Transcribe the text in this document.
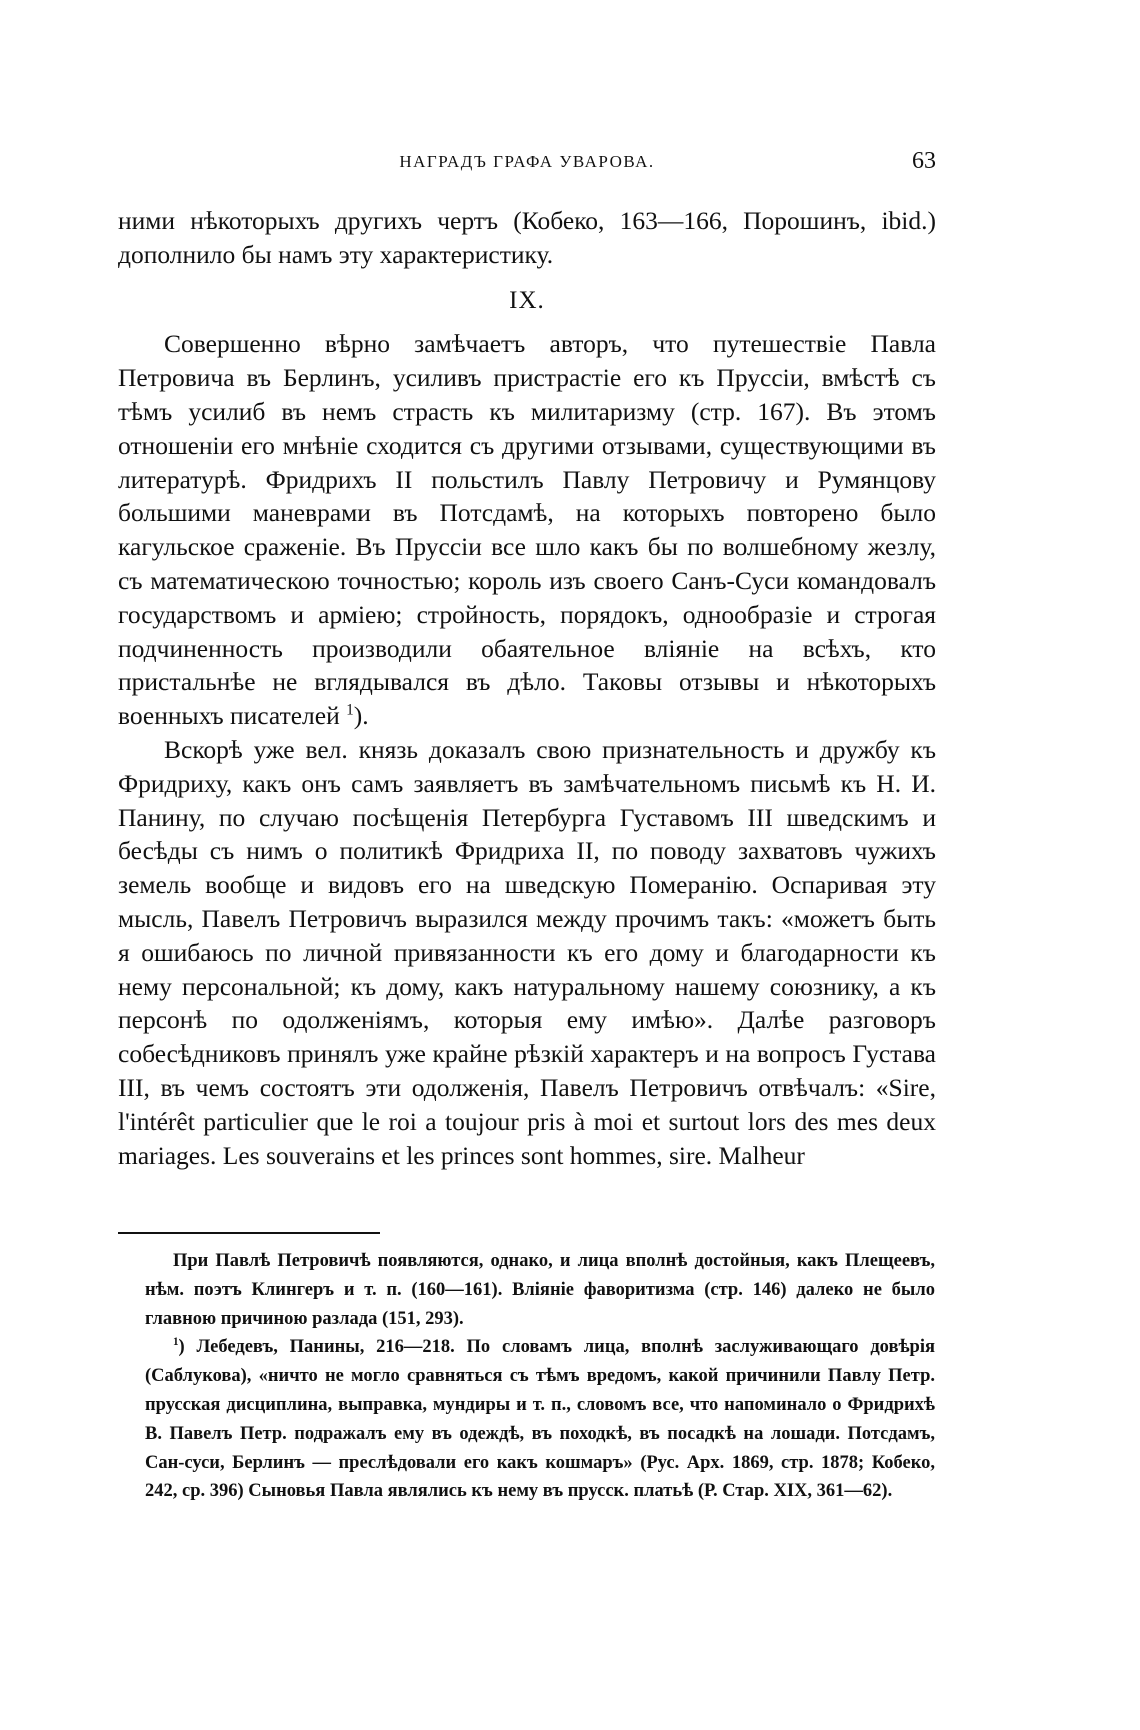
НАГРАДЪ ГРАФА УВАРОВА.	63

ними нѣкоторыхъ другихъ чертъ (Кобеко, 163—166, Порошинъ, ibid.) дополнило бы намъ эту характеристику.

IX.

Совершенно вѣрно замѣчаетъ авторъ, что путешествіе Павла Петровича въ Берлинъ, усиливъ пристрастіе его къ Пруссіи, вмѣстѣ съ тѣмъ усилиб въ немъ страсть къ милитаризму (стр. 167). Въ этомъ отношеніи его мнѣніе сходится съ другими отзывами, существующими въ литературѣ. Фридрихъ II польстилъ Павлу Петровичу и Румянцову большими маневрами въ Потсдамѣ, на которыхъ повторено было кагульское сраженіе. Въ Пруссіи все шло какъ бы по волшебному жезлу, съ математическою точностью; король изъ своего Санъ-Суси командовалъ государствомъ и арміею; стройность, порядокъ, однообразіе и строгая подчиненность производили обаятельное вліяніе на всѣхъ, кто пристальнѣе не вглядывался въ дѣло. Таковы отзывы и нѣкоторыхъ военныхъ писателей $^1$).

Вскорѣ уже вел. князь доказалъ свою признательность и дружбу къ Фридриху, какъ онъ самъ заявляетъ въ замѣчательномъ письмѣ къ Н. И. Панину, по случаю посѣщенія Петербурга Густавомъ III шведскимъ и бесѣды съ нимъ о политикѣ Фридриха II, по поводу захватовъ чужихъ земель вообще и видовъ его на шведскую Померанію. Оспаривая эту мысль, Павелъ Петровичъ выразился между прочимъ такъ: «можетъ быть я ошибаюсь по личной привязанности къ его дому и благодарности къ нему персональной; къ дому, какъ натуральному нашему союзнику, а къ персонѣ по одолженіямъ, которыя ему имѣю». Далѣе разговоръ собесѣдниковъ принялъ уже крайне рѣзкій характеръ и на вопросъ Густава III, въ чемъ состоятъ эти одолженія, Павелъ Петровичъ отвѣчалъ: «Sire, l'intérêt particulier que le roi a toujour pris à moi et surtout lors des mes deux mariages. Les souverains et les princes sont hommes, sire. Malheur

При Павлѣ Петровичѣ появляются, однако, и лица вполнѣ достойныя, какъ Плещеевъ, нѣм. поэтъ Клингеръ и т. п. (160—161). Вліяніе фаворитизма (стр. 146) далеко не было главною причиною разлада (151, 293).

$^1$) Лебедевъ, Панины, 216—218. По словамъ лица, вполнѣ заслуживающаго довѣрія (Саблукова), «ничто не могло сравняться съ тѣмъ вредомъ, какой причинили Павлу Петр. прусская дисциплина, выправка, мундиры и т. п., словомъ все, что напоминало о Фридрихѣ В. Павелъ Петр. подражалъ ему въ одеждѣ, въ походкѣ, въ посадкѣ на лошади. Потсдамъ, Сан-суси, Берлинъ — преслѣдовали его какъ кошмаръ» (Рус. Арх. 1869, стр. 1878; Кобеко, 242, ср. 396) Сыновья Павла являлись къ нему въ прусск. платьѣ (Р. Стар. XIX, 361—62).
